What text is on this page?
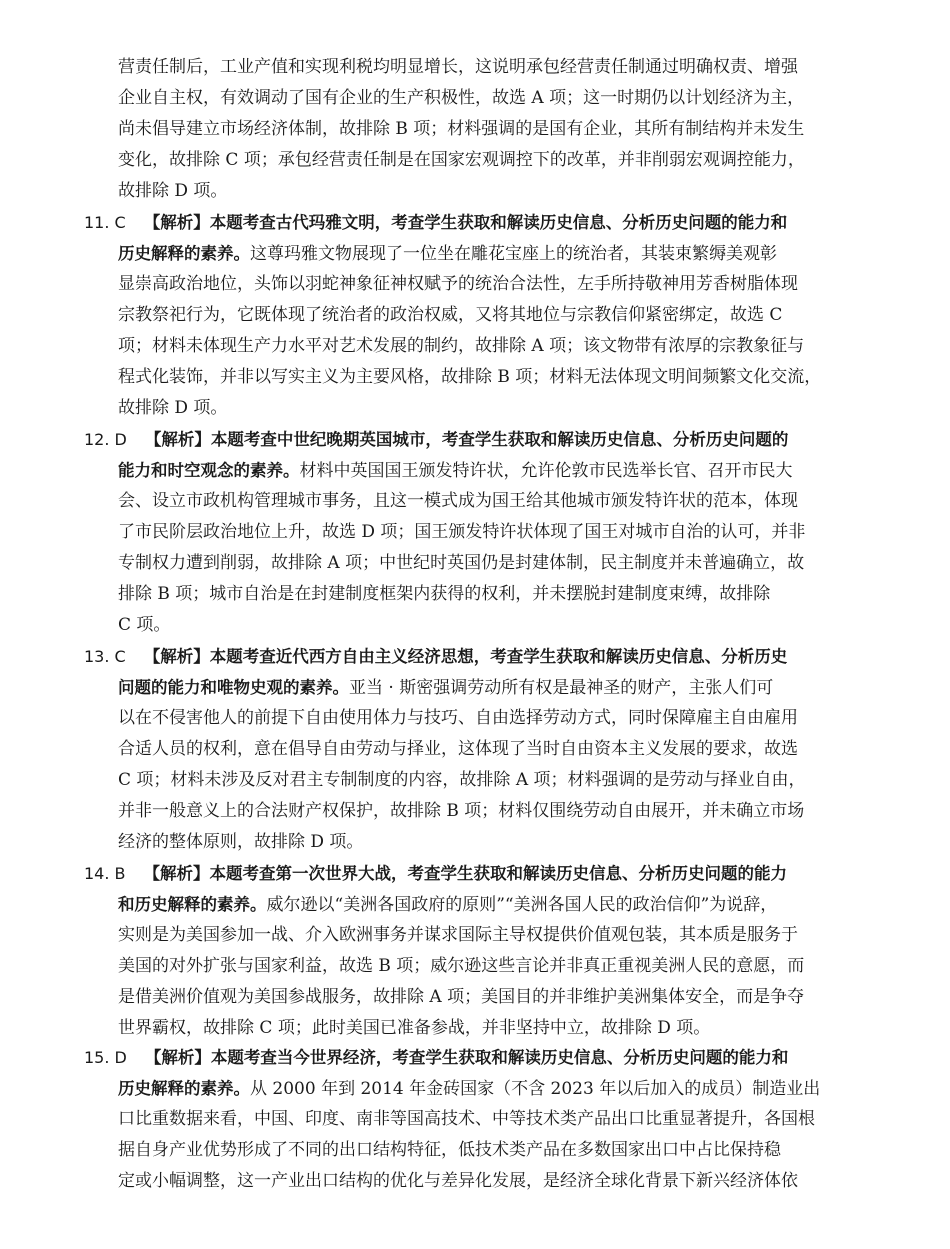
营责任制后，工业产值和实现利税均明显增长，这说明承包经营责任制通过明确权责、增强
企业自主权，有效调动了国有企业的生产积极性，故选 A 项；这一时期仍以计划经济为主，
尚未倡导建立市场经济体制，故排除 B 项；材料强调的是国有企业，其所有制结构并未发生
变化，故排除 C 项；承包经营责任制是在国家宏观调控下的改革，并非削弱宏观调控能力，
故排除 D 项。
11. C 【解析】本题考查古代玛雅文明，考查学生获取和解读历史信息、分析历史问题的能力和
历史解释的素养。这尊玛雅文物展现了一位坐在雕花宝座上的统治者，其装束繁缛美观彰
显崇高政治地位，头饰以羽蛇神象征神权赋予的统治合法性，左手所持敬神用芳香树脂体现
宗教祭祀行为，它既体现了统治者的政治权威，又将其地位与宗教信仰紧密绑定，故选 C
项；材料未体现生产力水平对艺术发展的制约，故排除 A 项；该文物带有浓厚的宗教象征与
程式化装饰，并非以写实主义为主要风格，故排除 B 项；材料无法体现文明间频繁文化交流，
故排除 D 项。
12. D 【解析】本题考查中世纪晚期英国城市，考查学生获取和解读历史信息、分析历史问题的
能力和时空观念的素养。材料中英国国王颁发特许状，允许伦敦市民选举长官、召开市民大
会、设立市政机构管理城市事务，且这一模式成为国王给其他城市颁发特许状的范本，体现
了市民阶层政治地位上升，故选 D 项；国王颁发特许状体现了国王对城市自治的认可，并非
专制权力遭到削弱，故排除 A 项；中世纪时英国仍是封建体制，民主制度并未普遍确立，故
排除 B 项；城市自治是在封建制度框架内获得的权利，并未摆脱封建制度束缚，故排除
C 项。
13. C 【解析】本题考查近代西方自由主义经济思想，考查学生获取和解读历史信息、分析历史
问题的能力和唯物史观的素养。亚当 · 斯密强调劳动所有权是最神圣的财产，主张人们可
以在不侵害他人的前提下自由使用体力与技巧、自由选择劳动方式，同时保障雇主自由雇用
合适人员的权利，意在倡导自由劳动与择业，这体现了当时自由资本主义发展的要求，故选
C 项；材料未涉及反对君主专制制度的内容，故排除 A 项；材料强调的是劳动与择业自由，
并非一般意义上的合法财产权保护，故排除 B 项；材料仅围绕劳动自由展开，并未确立市场
经济的整体原则，故排除 D 项。
14. B 【解析】本题考查第一次世界大战，考查学生获取和解读历史信息、分析历史问题的能力
和历史解释的素养。威尔逊以“美洲各国政府的原则”“美洲各国人民的政治信仰”为说辞，
实则是为美国参加一战、介入欧洲事务并谋求国际主导权提供价值观包装，其本质是服务于
美国的对外扩张与国家利益，故选 B 项；威尔逊这些言论并非真正重视美洲人民的意愿，而
是借美洲价值观为美国参战服务，故排除 A 项；美国目的并非维护美洲集体安全，而是争夺
世界霸权，故排除 C 项；此时美国已准备参战，并非坚持中立，故排除 D 项。
15. D 【解析】本题考查当今世界经济，考查学生获取和解读历史信息、分析历史问题的能力和
历史解释的素养。从 2000 年到 2014 年金砖国家（不含 2023 年以后加入的成员）制造业出
口比重数据来看，中国、印度、南非等国高技术、中等技术类产品出口比重显著提升，各国根
据自身产业优势形成了不同的出口结构特征，低技术类产品在多数国家出口中占比保持稳
定或小幅调整，这一产业出口结构的优化与差异化发展，是经济全球化背景下新兴经济体依
